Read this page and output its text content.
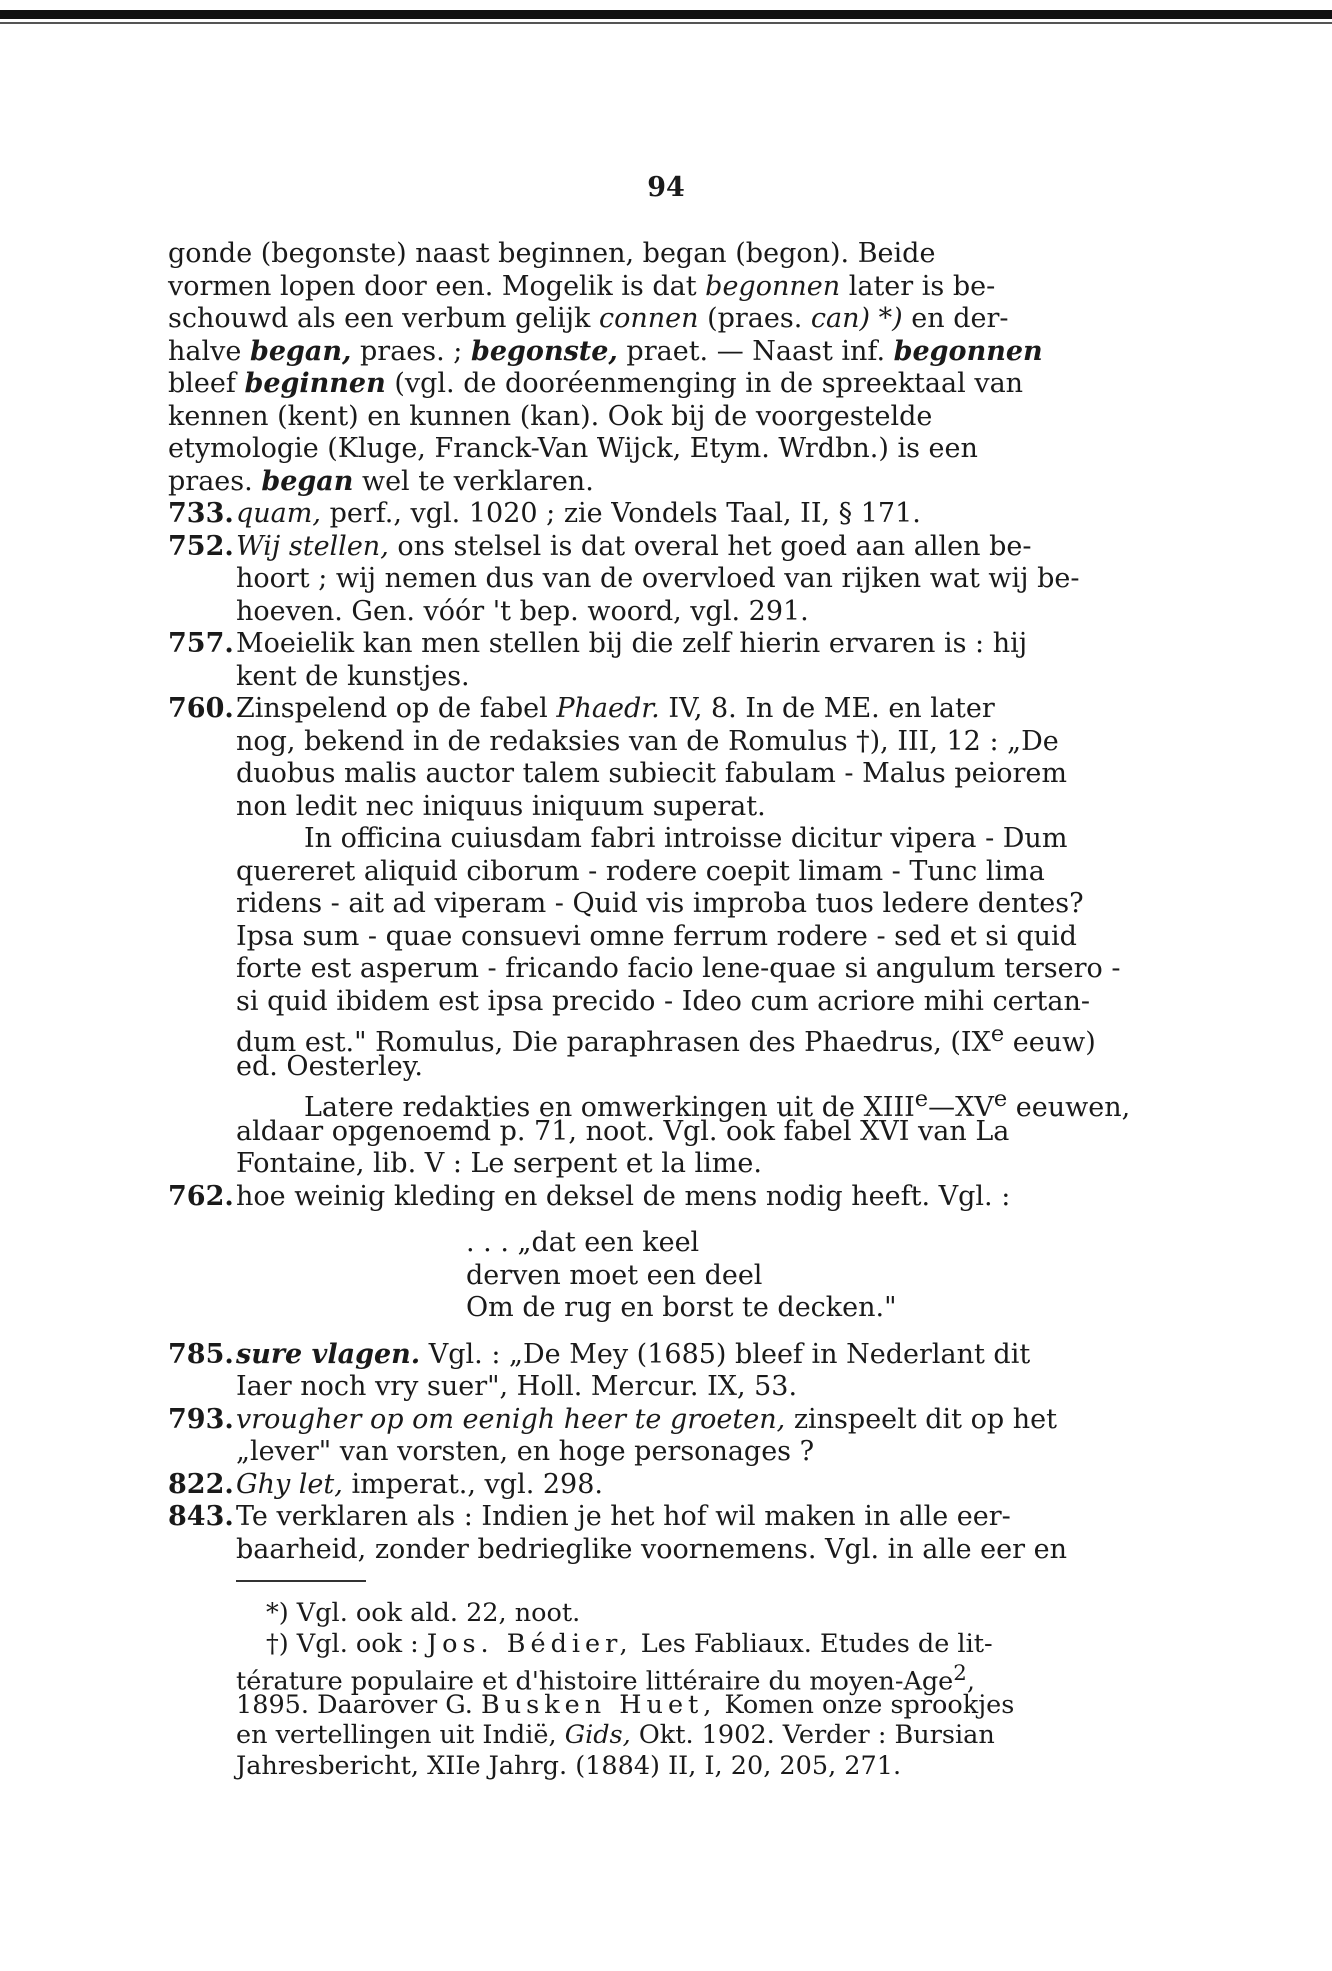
94
gonde (begonste) naast beginnen, began (begon). Beide
vormen lopen door een. Mogelik is dat begonnen later is be-
schouwd als een verbum gelijk connen (praes. can) *) en der-
halve began, praes. ; begonste, praet. — Naast inf. begonnen
bleef beginnen (vgl. de dooréenmenging in de spreektaal van
kennen (kent) en kunnen (kan). Ook bij de voorgestelde
etymologie (Kluge, Franck-Van Wijck, Etym. Wrdbn.) is een
praes. began wel te verklaren.
733.quam, perf., vgl. 1020 ; zie Vondels Taal, II, § 171.
752.Wij stellen, ons stelsel is dat overal het goed aan allen be-
hoort ; wij nemen dus van de overvloed van rijken wat wij be-
hoeven. Gen. vóór 't bep. woord, vgl. 291.
757.Moeielik kan men stellen bij die zelf hierin ervaren is : hij
kent de kunstjes.
760.Zinspelend op de fabel Phaedr. IV, 8. In de ME. en later
nog, bekend in de redaksies van de Romulus †), III, 12 : „De
duobus malis auctor talem subiecit fabulam - Malus peiorem
non ledit nec iniquus iniquum superat.
In officina cuiusdam fabri introisse dicitur vipera - Dum
quereret aliquid ciborum - rodere coepit limam - Tunc lima
ridens - ait ad viperam - Quid vis improba tuos ledere dentes?
Ipsa sum - quae consuevi omne ferrum rodere - sed et si quid
forte est asperum - fricando facio lene-quae si angulum tersero -
si quid ibidem est ipsa precido - Ideo cum acriore mihi certan-
dum est." Romulus, Die paraphrasen des Phaedrus, (IXe eeuw)
ed. Oesterley.
Latere redakties en omwerkingen uit de XIIIe—XVe eeuwen,
aldaar opgenoemd p. 71, noot. Vgl. ook fabel XVI van La
Fontaine, lib. V : Le serpent et la lime.
762.hoe weinig kleding en deksel de mens nodig heeft. Vgl. :
. . . „dat een keel
derven moet een deel
Om de rug en borst te decken."
785.sure vlagen. Vgl. : „De Mey (1685) bleef in Nederlant dit
Iaer noch vry suer", Holl. Mercur. IX, 53.
793.vrougher op om eenigh heer te groeten, zinspeelt dit op het
„lever" van vorsten, en hoge personages ?
822.Ghy let, imperat., vgl. 298.
843.Te verklaren als : Indien je het hof wil maken in alle eer-
baarheid, zonder bedrieglike voornemens. Vgl. in alle eer en
*) Vgl. ook ald. 22, noot.
†) Vgl. ook : Jos. Bédier, Les Fabliaux. Etudes de lit-
térature populaire et d'histoire littéraire du moyen-Age$^2$,
1895. Daarover G. Busken Huet, Komen onze sprookjes
en vertellingen uit Indië, Gids, Okt. 1902. Verder : Bursian
Jahresbericht, XIIe Jahrg. (1884) II, I, 20, 205, 271.
